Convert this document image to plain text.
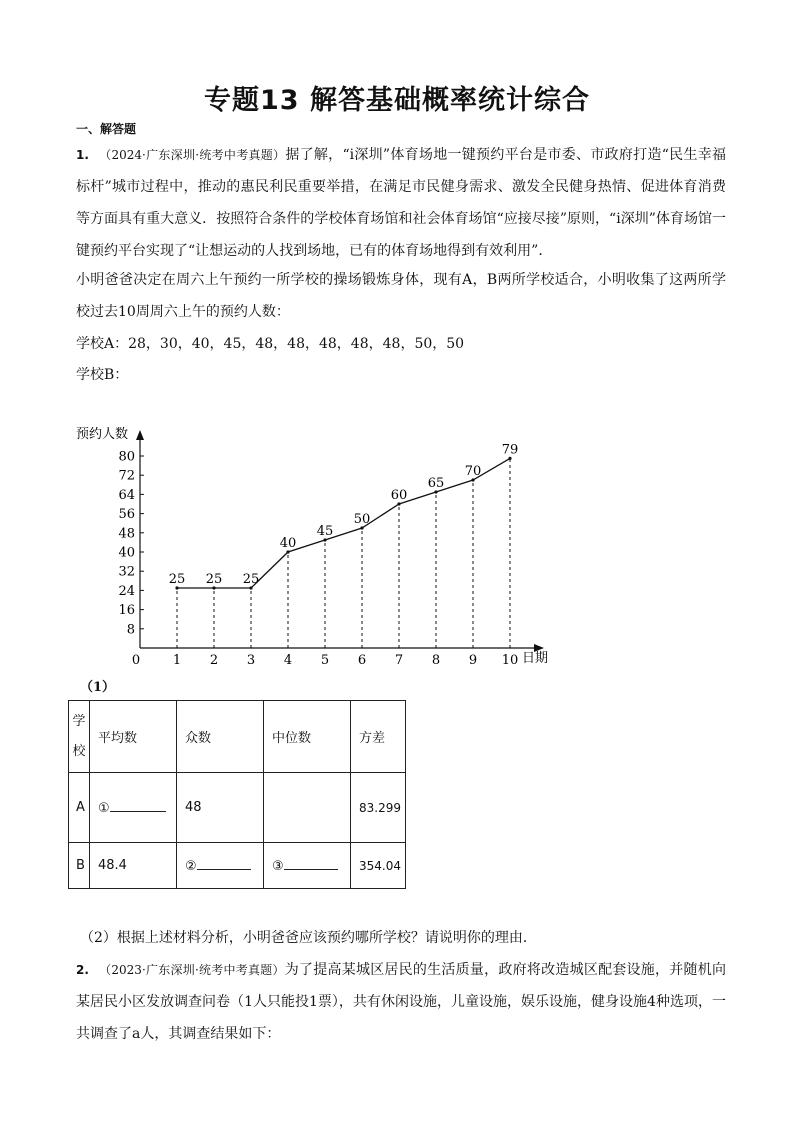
专题13 解答基础概率统计综合
一、解答题

1. （2024·广东深圳·统考中考真题）据了解，“i深圳”体育场地一键预约平台是市委、市政府打造“民生幸福标杆”城市过程中，推动的惠民利民重要举措，在满足市民健身需求、激发全民健身热情、促进体育消费等方面具有重大意义．按照符合条件的学校体育场馆和社会体育场馆“应接尽接”原则，“i深圳”体育场馆一键预约平台实现了“让想运动的人找到场地，已有的体育场地得到有效利用”．

小明爸爸决定在周六上午预约一所学校的操场锻炼身体，现有A，B两所学校适合，小明收集了这两所学校过去10周周六上午的预约人数：

学校A：28，30，40，45，48，48，48，48，48，50，50
学校B：
预约人数
日期
0
8
16
24
32
40
48
56
64
72
80
1 2 3 4 5 6 7 8 9 10
25 25 25
40
45
50
60
65
70
79
（1）
学校	平均数	众数	中位数	方差
A	①	48		83.299
B	48.4	②	③	354.04

（2）根据上述材料分析，小明爸爸应该预约哪所学校？请说明你的理由．

2. （2023·广东深圳·统考中考真题）为了提高某城区居民的生活质量，政府将改造城区配套设施，并随机向某居民小区发放调查问卷（1人只能投1票），共有休闲设施，儿童设施，娱乐设施，健身设施4种选项，一共调查了a人，其调查结果如下：
